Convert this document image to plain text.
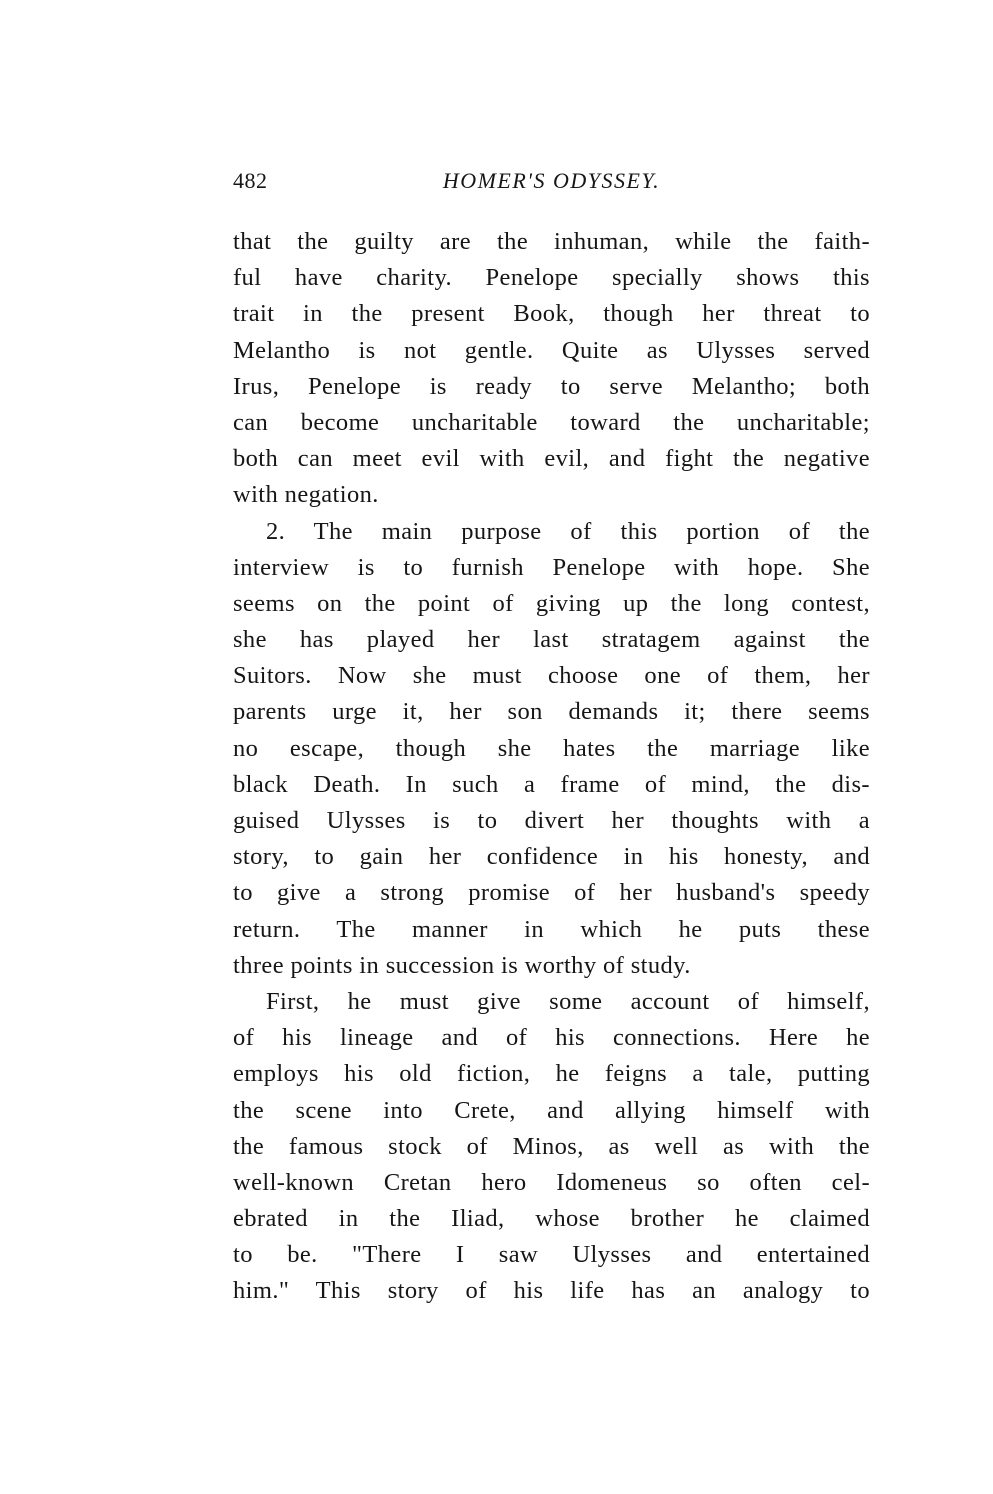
482	HOMER'S ODYSSEY.
that the guilty are the inhuman, while the faith-
ful have charity. Penelope specially shows this
trait in the present Book, though her threat to
Melantho is not gentle. Quite as Ulysses served
Irus, Penelope is ready to serve Melantho; both
can become uncharitable toward the uncharitable;
both can meet evil with evil, and fight the negative
with negation.
2. The main purpose of this portion of the
interview is to furnish Penelope with hope. She
seems on the point of giving up the long contest,
she has played her last stratagem against the
Suitors. Now she must choose one of them, her
parents urge it, her son demands it; there seems
no escape, though she hates the marriage like
black Death. In such a frame of mind, the dis-
guised Ulysses is to divert her thoughts with a
story, to gain her confidence in his honesty, and
to give a strong promise of her husband's speedy
return. The manner in which he puts these
three points in succession is worthy of study.
First, he must give some account of himself,
of his lineage and of his connections. Here he
employs his old fiction, he feigns a tale, putting
the scene into Crete, and allying himself with
the famous stock of Minos, as well as with the
well-known Cretan hero Idomeneus so often cel-
ebrated in the Iliad, whose brother he claimed
to be. "There I saw Ulysses and entertained
him." This story of his life has an analogy to
